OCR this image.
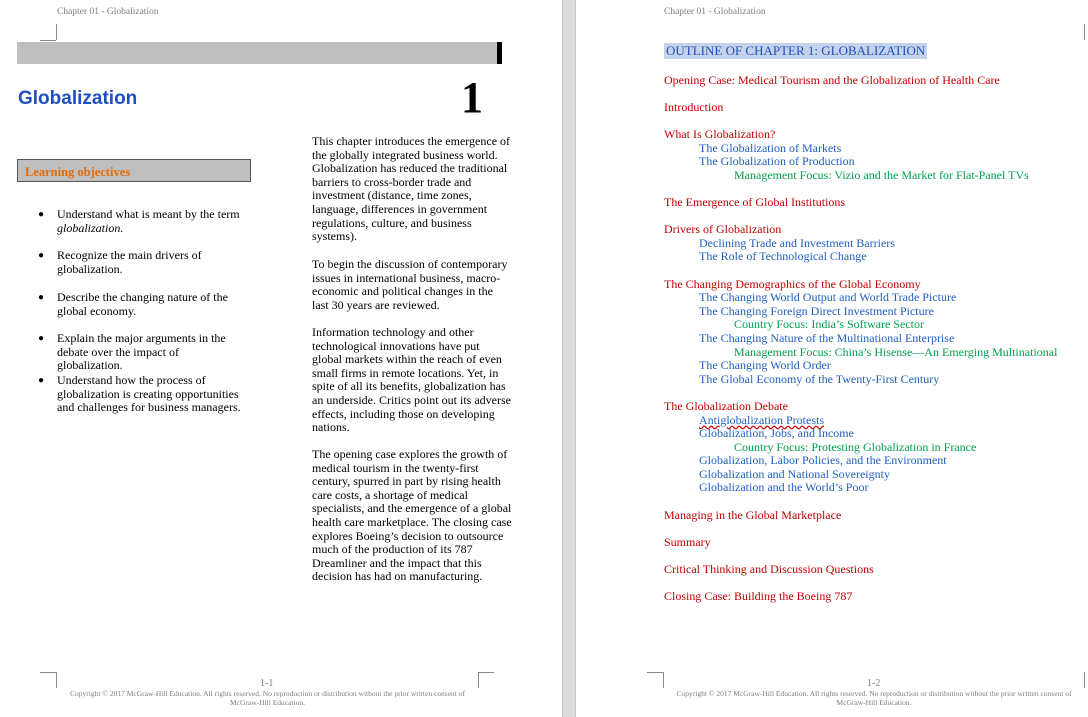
Chapter 01 - Globalization
Globalization	1
Learning objectives
● Understand what is meant by the term globalization.
● Recognize the main drivers of globalization.
● Describe the changing nature of the global economy.
● Explain the major arguments in the debate over the impact of globalization.
● Understand how the process of globalization is creating opportunities and challenges for business managers.
This chapter introduces the emergence of the globally integrated business world. Globalization has reduced the traditional barriers to cross-border trade and investment (distance, time zones, language, differences in government regulations, culture, and business systems).
To begin the discussion of contemporary issues in international business, macro-economic and political changes in the last 30 years are reviewed.
Information technology and other technological innovations have put global markets within the reach of even small firms in remote locations. Yet, in spite of all its benefits, globalization has an underside. Critics point out its adverse effects, including those on developing nations.
The opening case explores the growth of medical tourism in the twenty-first century, spurred in part by rising health care costs, a shortage of medical specialists, and the emergence of a global health care marketplace. The closing case explores Boeing’s decision to outsource much of the production of its 787 Dreamliner and the impact that this decision has had on manufacturing.
1-1
Copyright © 2017 McGraw-Hill Education. All rights reserved. No reproduction or distribution without the prior written consent of McGraw-Hill Education.
Chapter 01 - Globalization
OUTLINE OF CHAPTER 1: GLOBALIZATION
Opening Case: Medical Tourism and the Globalization of Health Care
Introduction
What Is Globalization?
The Globalization of Markets
The Globalization of Production
Management Focus: Vizio and the Market for Flat-Panel TVs
The Emergence of Global Institutions
Drivers of Globalization
Declining Trade and Investment Barriers
The Role of Technological Change
The Changing Demographics of the Global Economy
The Changing World Output and World Trade Picture
The Changing Foreign Direct Investment Picture
Country Focus: India’s Software Sector
The Changing Nature of the Multinational Enterprise
Management Focus: China’s Hisense—An Emerging Multinational
The Changing World Order
The Global Economy of the Twenty-First Century
The Globalization Debate
Antiglobalization Protests
Globalization, Jobs, and Income
Country Focus: Protesting Globalization in France
Globalization, Labor Policies, and the Environment
Globalization and National Sovereignty
Globalization and the World’s Poor
Managing in the Global Marketplace
Summary
Critical Thinking and Discussion Questions
Closing Case: Building the Boeing 787
1-2
Copyright © 2017 McGraw-Hill Education. All rights reserved. No reproduction or distribution without the prior written consent of McGraw-Hill Education.
